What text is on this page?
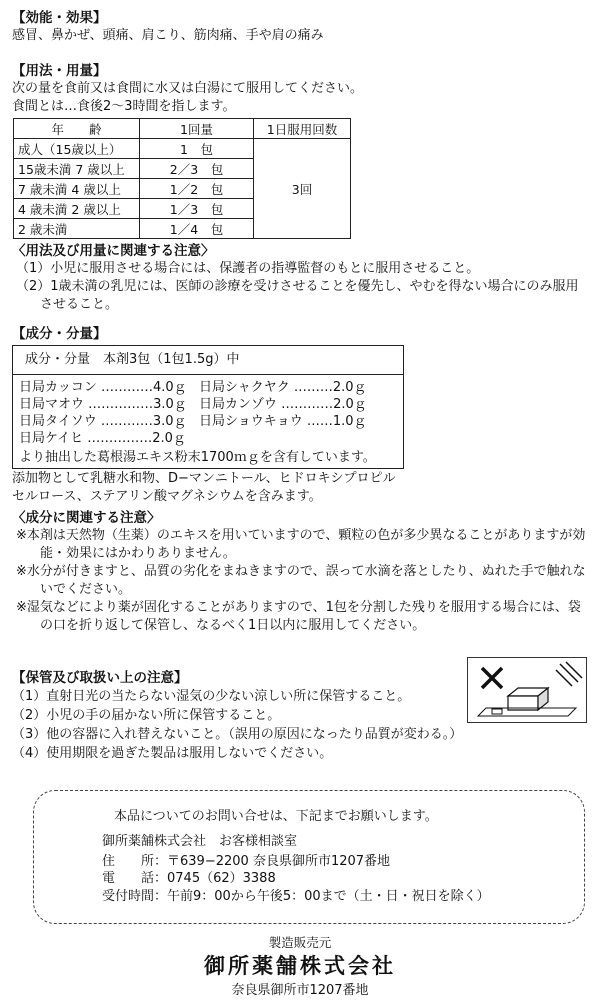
【効能・効果】

感冒、鼻かぜ、頭痛、肩こり、筋肉痛、手や肩の痛み

【用法・用量】

次の量を食前又は食間に水又は白湯にて服用してください。

食間とは…食後2〜3時間を指します。

年　　齢	1回量	1日服用回数
成人（15歳以上）	1　包	3回
15歳未満 7 歳以上	2／3　包	
7 歳未満 4 歳以上	1／2　包	
4 歳未満 2 歳以上	1／3　包	
2 歳未満	1／4　包	

〈用法及び用量に関連する注意〉

（1）小児に服用させる場合には、保護者の指導監督のもとに服用させること。

（2）1歳未満の乳児には、医師の診療を受けさせることを優先し、やむを得ない場合にのみ服用させること。

【成分・分量】

成分・分量　本剤3包（1包1.5g）中
日局カッコン …………4.0ｇ 日局シャクヤク ………2.0ｇ
日局マオウ ……………3.0ｇ 日局カンゾウ …………2.0ｇ
日局タイソウ …………3.0ｇ 日局ショウキョウ ……1.0ｇ
日局ケイヒ ……………2.0ｇ
より抽出した葛根湯エキス粉末1700ｍｇを含有しています。

添加物として乳糖水和物、D−マンニトール、ヒドロキシプロピル

セルロース、ステアリン酸マグネシウムを含みます。

〈成分に関連する注意〉

※本剤は天然物（生薬）のエキスを用いていますので、顆粒の色が多少異なることがありますが効能・効果にはかわりありません。

※水分が付きますと、品質の劣化をまねきますので、誤って水滴を落としたり、ぬれた手で触れないでください。

※湿気などにより薬が固化することがありますので、1包を分割した残りを服用する場合には、袋の口を折り返して保管し、なるべく1日以内に服用してください。

【保管及び取扱い上の注意】

（1）直射日光の当たらない湿気の少ない涼しい所に保管すること。

（2）小児の手の届かない所に保管すること。

（3）他の容器に入れ替えないこと。（誤用の原因になったり品質が変わる。）

（4）使用期限を過ぎた製品は服用しないでください。

本品についてのお問い合せは、下記までお願いします。
御所薬舗株式会社　お客様相談室
住　　所： 〒639−2200 奈良県御所市1207番地
電　　話： 0745（62）3388
受付時間： 午前9：00から午後5：00まで（土・日・祝日を除く）
製造販売元
御所薬舗株式会社
奈良県御所市1207番地
